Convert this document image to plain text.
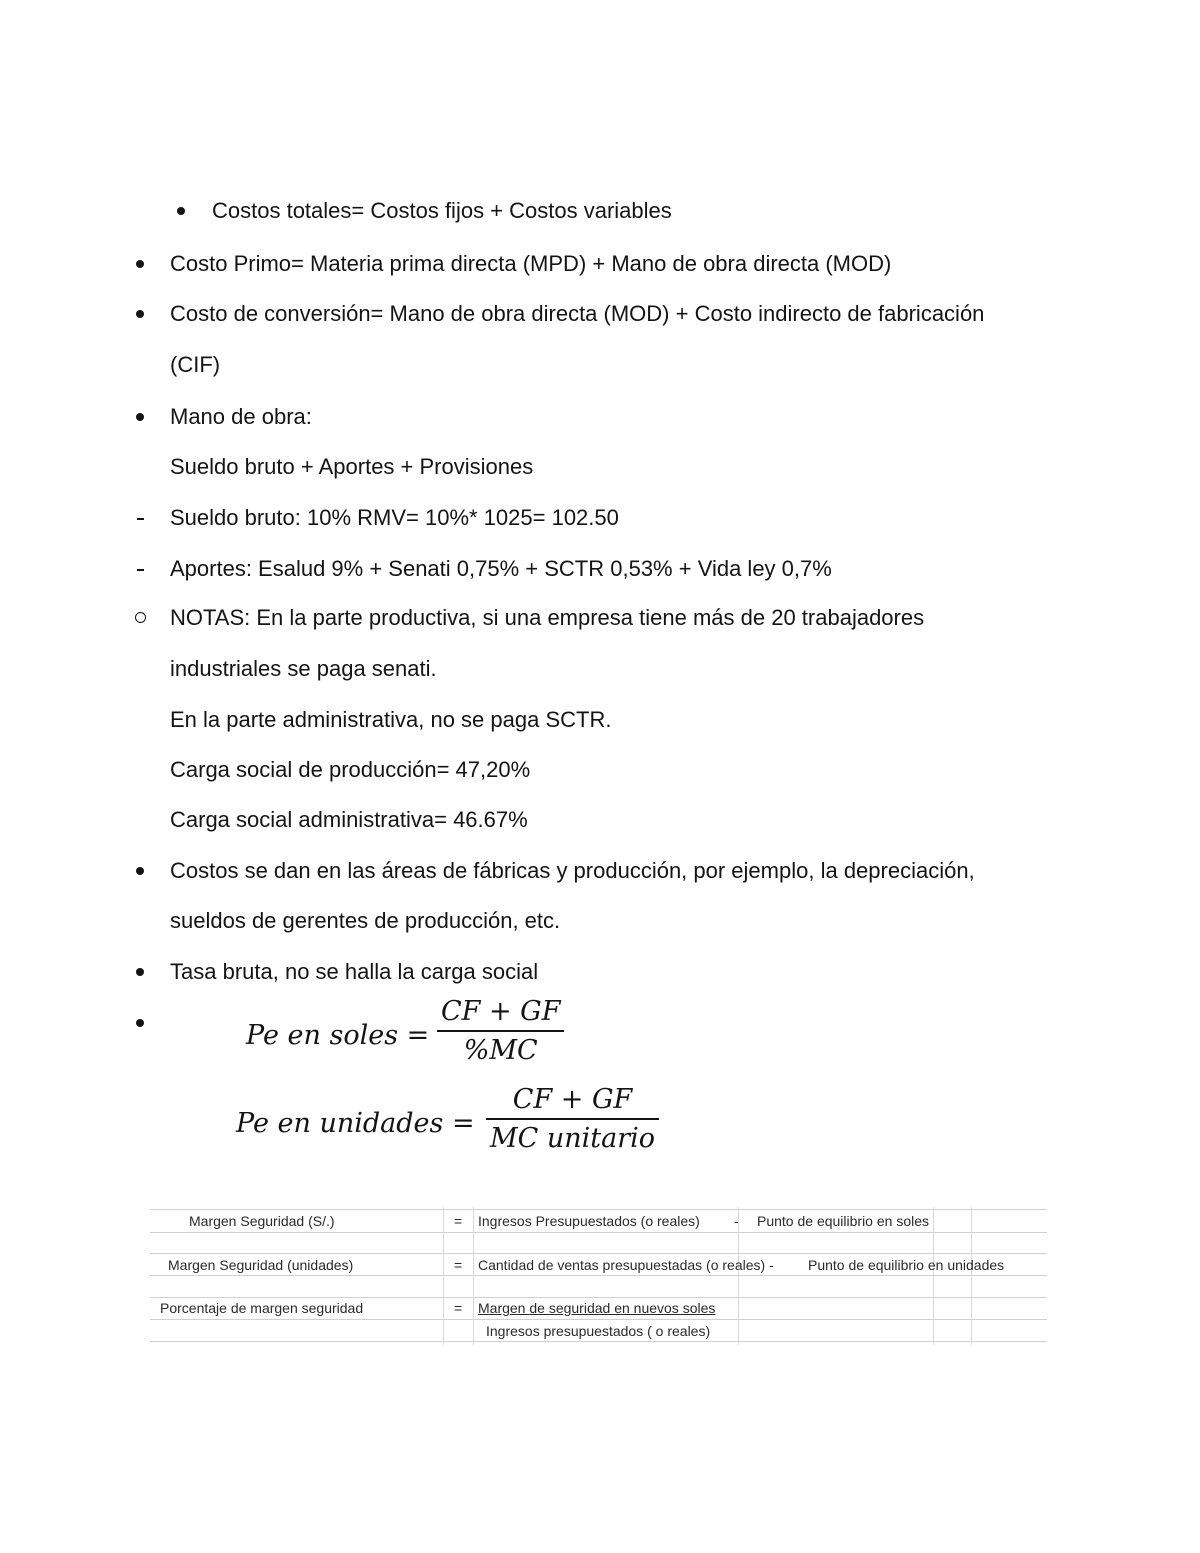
Costos totales= Costos fijos + Costos variables
Costo Primo= Materia prima directa (MPD) + Mano de obra directa (MOD)
Costo de conversión= Mano de obra directa (MOD) + Costo indirecto de fabricación
(CIF)
Mano de obra:
Sueldo bruto + Aportes + Provisiones
Sueldo bruto: 10% RMV= 10%* 1025= 102.50
Aportes: Esalud 9% + Senati 0,75% + SCTR 0,53% + Vida ley 0,7%
NOTAS: En la parte productiva, si una empresa tiene más de 20 trabajadores
industriales se paga senati.
En la parte administrativa, no se paga SCTR.
Carga social de producción= 47,20%
Carga social administrativa= 46.67%
Costos se dan en las áreas de fábricas y producción, por ejemplo, la depreciación,
sueldos de gerentes de producción, etc.
Tasa bruta, no se halla la carga social
Pe en soles =
CF + GF
%MC
Pe en unidades =
CF + GF
MC unitario
Margen Seguridad (S/.)	= Ingresos Presupuestados (o reales) - Punto de equilibrio en soles
Margen Seguridad (unidades)	= Cantidad de ventas presupuestadas (o reales) - Punto de equilibrio en unidades
Porcentaje de margen seguridad	= Margen de seguridad en nuevos soles
Ingresos presupuestados ( o reales)
